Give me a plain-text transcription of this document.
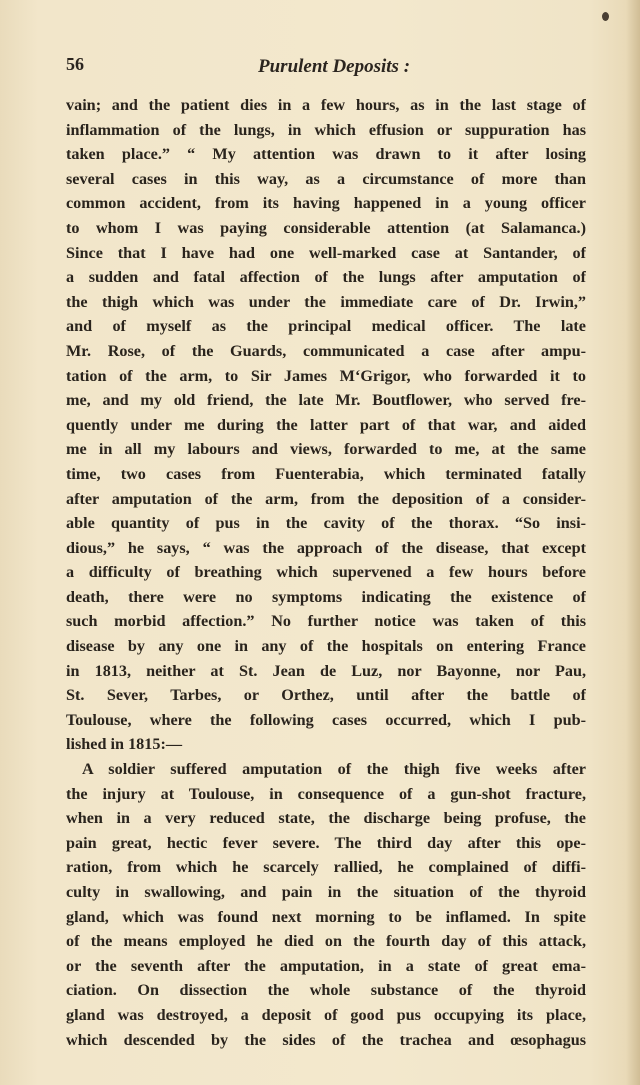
56	Purulent Deposits :
vain; and the patient dies in a few hours, as in the last stage of
inflammation of the lungs, in which effusion or suppuration has
taken place.” “ My attention was drawn to it after losing
several cases in this way, as a circumstance of more than
common accident, from its having happened in a young officer
to whom I was paying considerable attention (at Salamanca.)
Since that I have had one well-marked case at Santander, of
a sudden and fatal affection of the lungs after amputation of
the thigh which was under the immediate care of Dr. Irwin,”
and of myself as the principal medical officer. The late
Mr. Rose, of the Guards, communicated a case after ampu-
tation of the arm, to Sir James M‘Grigor, who forwarded it to
me, and my old friend, the late Mr. Boutflower, who served fre-
quently under me during the latter part of that war, and aided
me in all my labours and views, forwarded to me, at the same
time, two cases from Fuenterabia, which terminated fatally
after amputation of the arm, from the deposition of a consider-
able quantity of pus in the cavity of the thorax. “So insi-
dious,” he says, “ was the approach of the disease, that except
a difficulty of breathing which supervened a few hours before
death, there were no symptoms indicating the existence of
such morbid affection.” No further notice was taken of this
disease by any one in any of the hospitals on entering France
in 1813, neither at St. Jean de Luz, nor Bayonne, nor Pau,
St. Sever, Tarbes, or Orthez, until after the battle of
Toulouse, where the following cases occurred, which I pub-
lished in 1815:—
A soldier suffered amputation of the thigh five weeks after
the injury at Toulouse, in consequence of a gun-shot fracture,
when in a very reduced state, the discharge being profuse, the
pain great, hectic fever severe. The third day after this ope-
ration, from which he scarcely rallied, he complained of diffi-
culty in swallowing, and pain in the situation of the thyroid
gland, which was found next morning to be inflamed. In spite
of the means employed he died on the fourth day of this attack,
or the seventh after the amputation, in a state of great ema-
ciation. On dissection the whole substance of the thyroid
gland was destroyed, a deposit of good pus occupying its place,
which descended by the sides of the trachea and œsophagus
